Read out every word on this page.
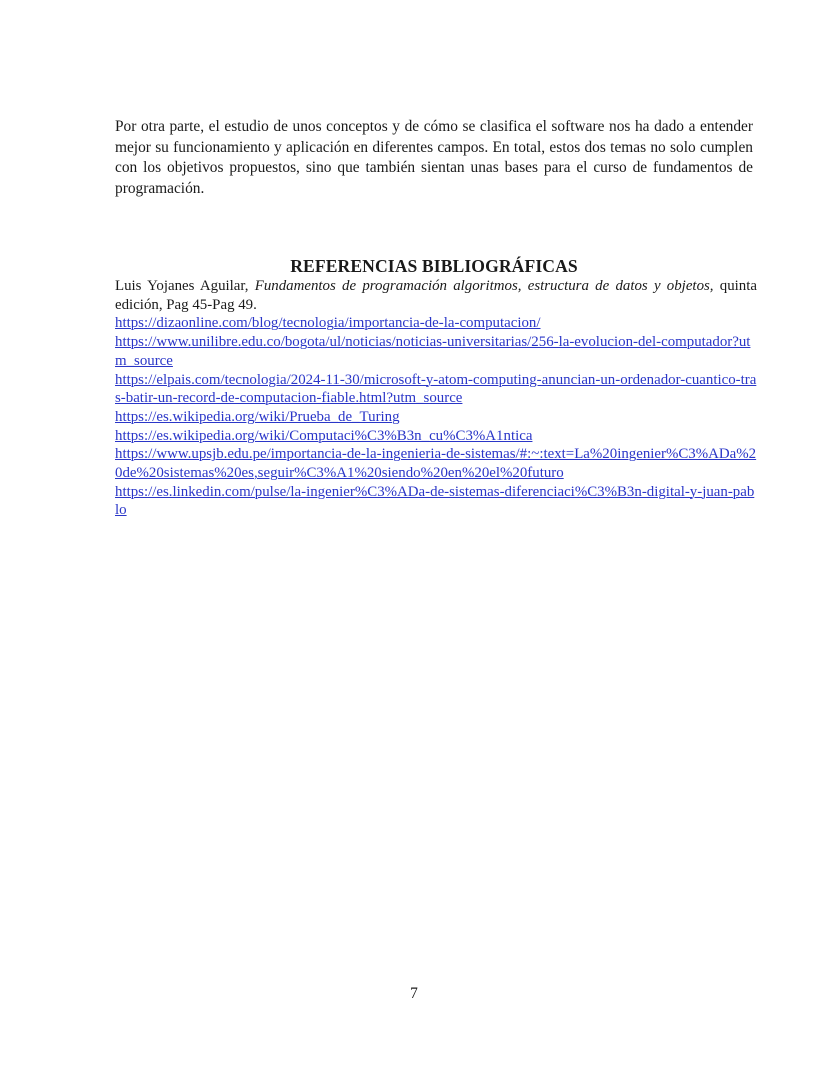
Por otra parte, el estudio de unos conceptos y de cómo se clasifica el software nos ha dado a entender mejor su funcionamiento y aplicación en diferentes campos. En total, estos dos temas no solo cumplen con los objetivos propuestos, sino que también sientan unas bases para el curso de fundamentos de programación.

REFERENCIAS BIBLIOGRÁFICAS
Luis Yojanes Aguilar, Fundamentos de programación algoritmos, estructura de datos y objetos, quinta edición, Pag 45-Pag 49.
https://dizaonline.com/blog/tecnologia/importancia-de-la-computacion/
https://www.unilibre.edu.co/bogota/ul/noticias/noticias-universitarias/256-la-evolucion-del-computador?utm_source
https://elpais.com/tecnologia/2024-11-30/microsoft-y-atom-computing-anuncian-un-ordenador-cuantico-tras-batir-un-record-de-computacion-fiable.html?utm_source
https://es.wikipedia.org/wiki/Prueba_de_Turing
https://es.wikipedia.org/wiki/Computaci%C3%B3n_cu%C3%A1ntica
https://www.upsjb.edu.pe/importancia-de-la-ingenieria-de-sistemas/#:~:text=La%20ingenier%C3%ADa%20de%20sistemas%20es,seguir%C3%A1%20siendo%20en%20el%20futuro
https://es.linkedin.com/pulse/la-ingenier%C3%ADa-de-sistemas-diferenciaci%C3%B3n-digital-y-juan-pablo

7
